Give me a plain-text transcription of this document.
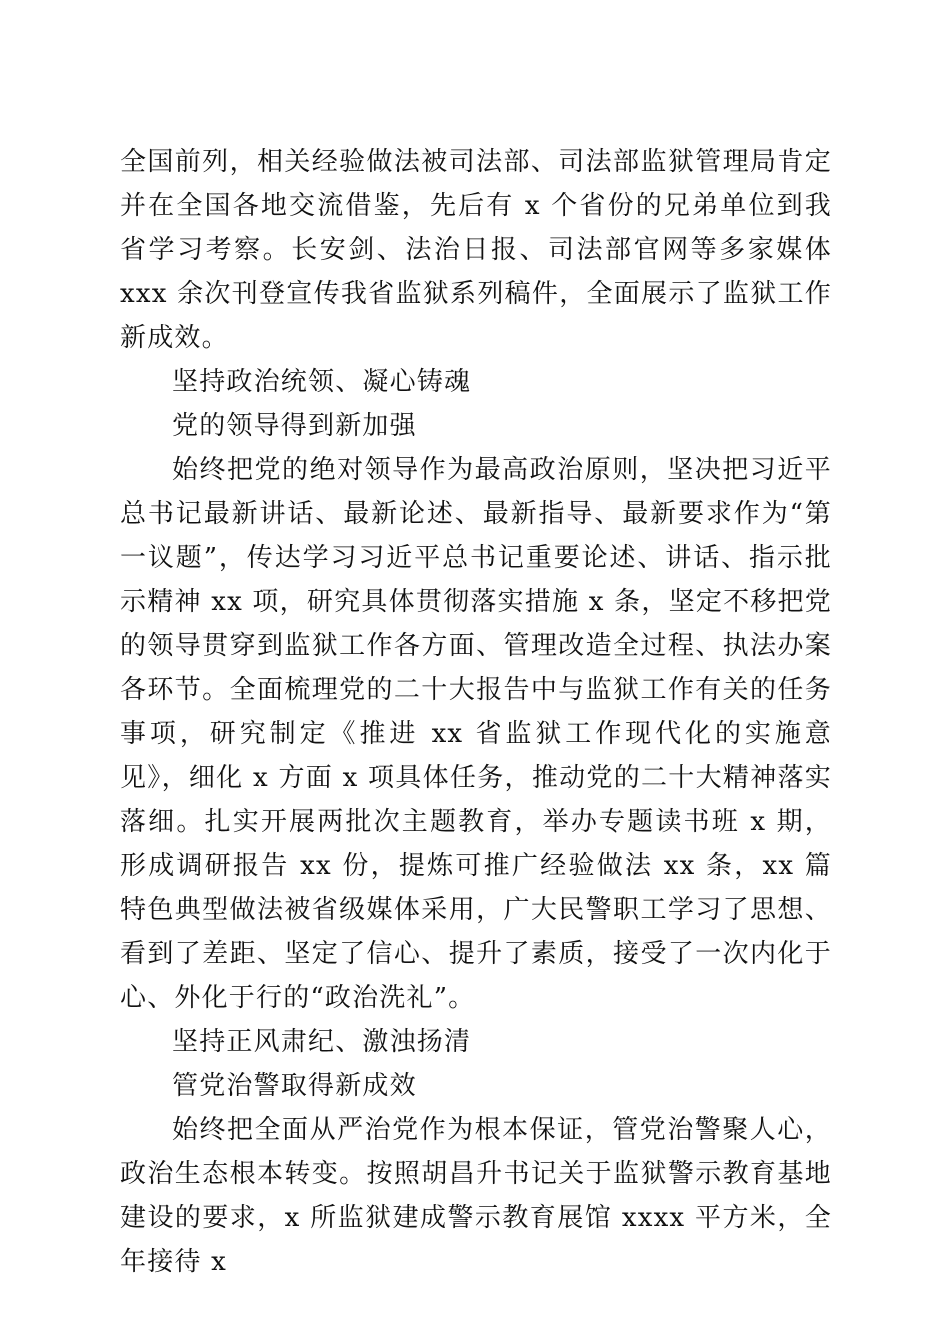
全国前列，相关经验做法被司法部、司法部监狱管理局肯定并在全国各地交流借鉴，先后有 x 个省份的兄弟单位到我省学习考察。长安剑、法治日报、司法部官网等多家媒体 xxx 余次刊登宣传我省监狱系列稿件，全面展示了监狱工作新成效。

坚持政治统领、凝心铸魂

党的领导得到新加强

始终把党的绝对领导作为最高政治原则，坚决把习近平总书记最新讲话、最新论述、最新指导、最新要求作为“第一议题”，传达学习习近平总书记重要论述、讲话、指示批示精神 xx 项，研究具体贯彻落实措施 x 条，坚定不移把党的领导贯穿到监狱工作各方面、管理改造全过程、执法办案各环节。全面梳理党的二十大报告中与监狱工作有关的任务事项，研究制定《推进 xx 省监狱工作现代化的实施意见》，细化 x 方面 x 项具体任务，推动党的二十大精神落实落细。扎实开展两批次主题教育，举办专题读书班 x 期，形成调研报告 xx 份，提炼可推广经验做法 xx 条，xx 篇特色典型做法被省级媒体采用，广大民警职工学习了思想、看到了差距、坚定了信心、提升了素质，接受了一次内化于心、外化于行的“政治洗礼”。

坚持正风肃纪、激浊扬清

管党治警取得新成效

始终把全面从严治党作为根本保证，管党治警聚人心，政治生态根本转变。按照胡昌升书记关于监狱警示教育基地建设的要求，x 所监狱建成警示教育展馆 xxxx 平方米，全年接待 x
